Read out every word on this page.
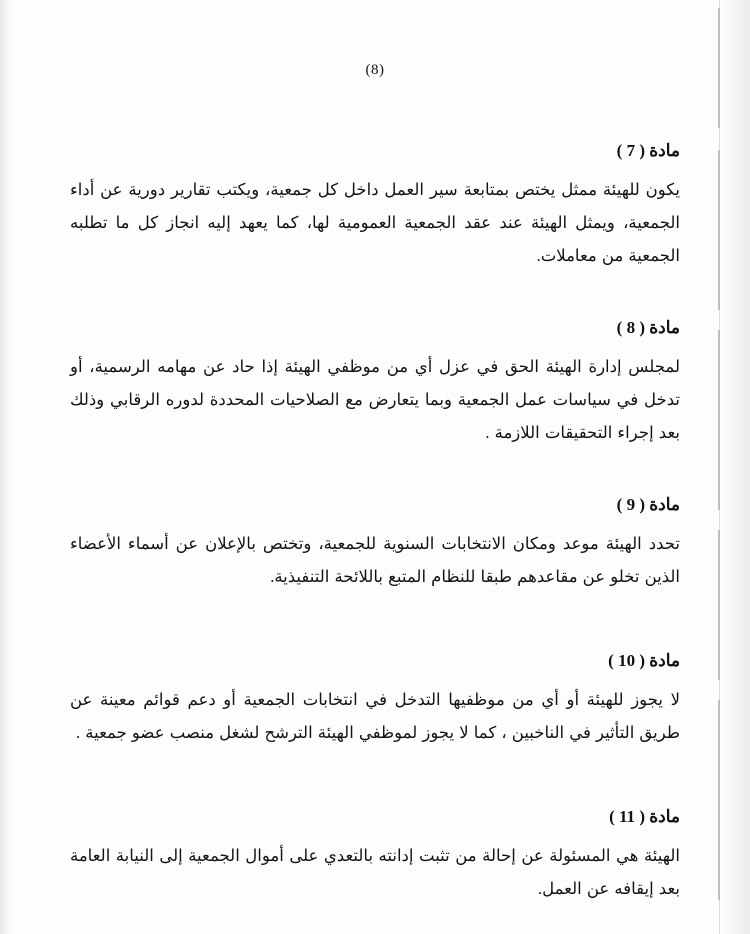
(8)
مادة ( 7 )
يكون للهيئة ممثل يختص بمتابعة سير العمل داخل كل جمعية، ويكتب تقارير دورية عن أداء الجمعية، ويمثل الهيئة عند عقد الجمعية العمومية لها، كما يعهد إليه انجاز كل ما تطلبه الجمعية من معاملات.
مادة ( 8 )
لمجلس إدارة الهيئة الحق في عزل أي من موظفي الهيئة إذا حاد عن مهامه الرسمية، أو تدخل في سياسات عمل الجمعية وبما يتعارض مع الصلاحيات المحددة لدوره الرقابي وذلك بعد إجراء التحقيقات اللازمة .
مادة ( 9 )
تحدد الهيئة موعد ومكان الانتخابات السنوية للجمعية، وتختص بالإعلان عن أسماء الأعضاء الذين تخلو عن مقاعدهم طبقا للنظام المتبع باللائحة التنفيذية.
مادة ( 10 )
لا يجوز للهيئة أو أي من موظفيها التدخل في انتخابات الجمعية أو دعم قوائم معينة عن طريق التأثير في الناخبين ، كما لا يجوز لموظفي الهيئة الترشح لشغل منصب عضو جمعية .
مادة ( 11 )
الهيئة هي المسئولة عن إحالة من تثبت إدانته بالتعدي على أموال الجمعية إلى النيابة العامة بعد إيقافه عن العمل.
